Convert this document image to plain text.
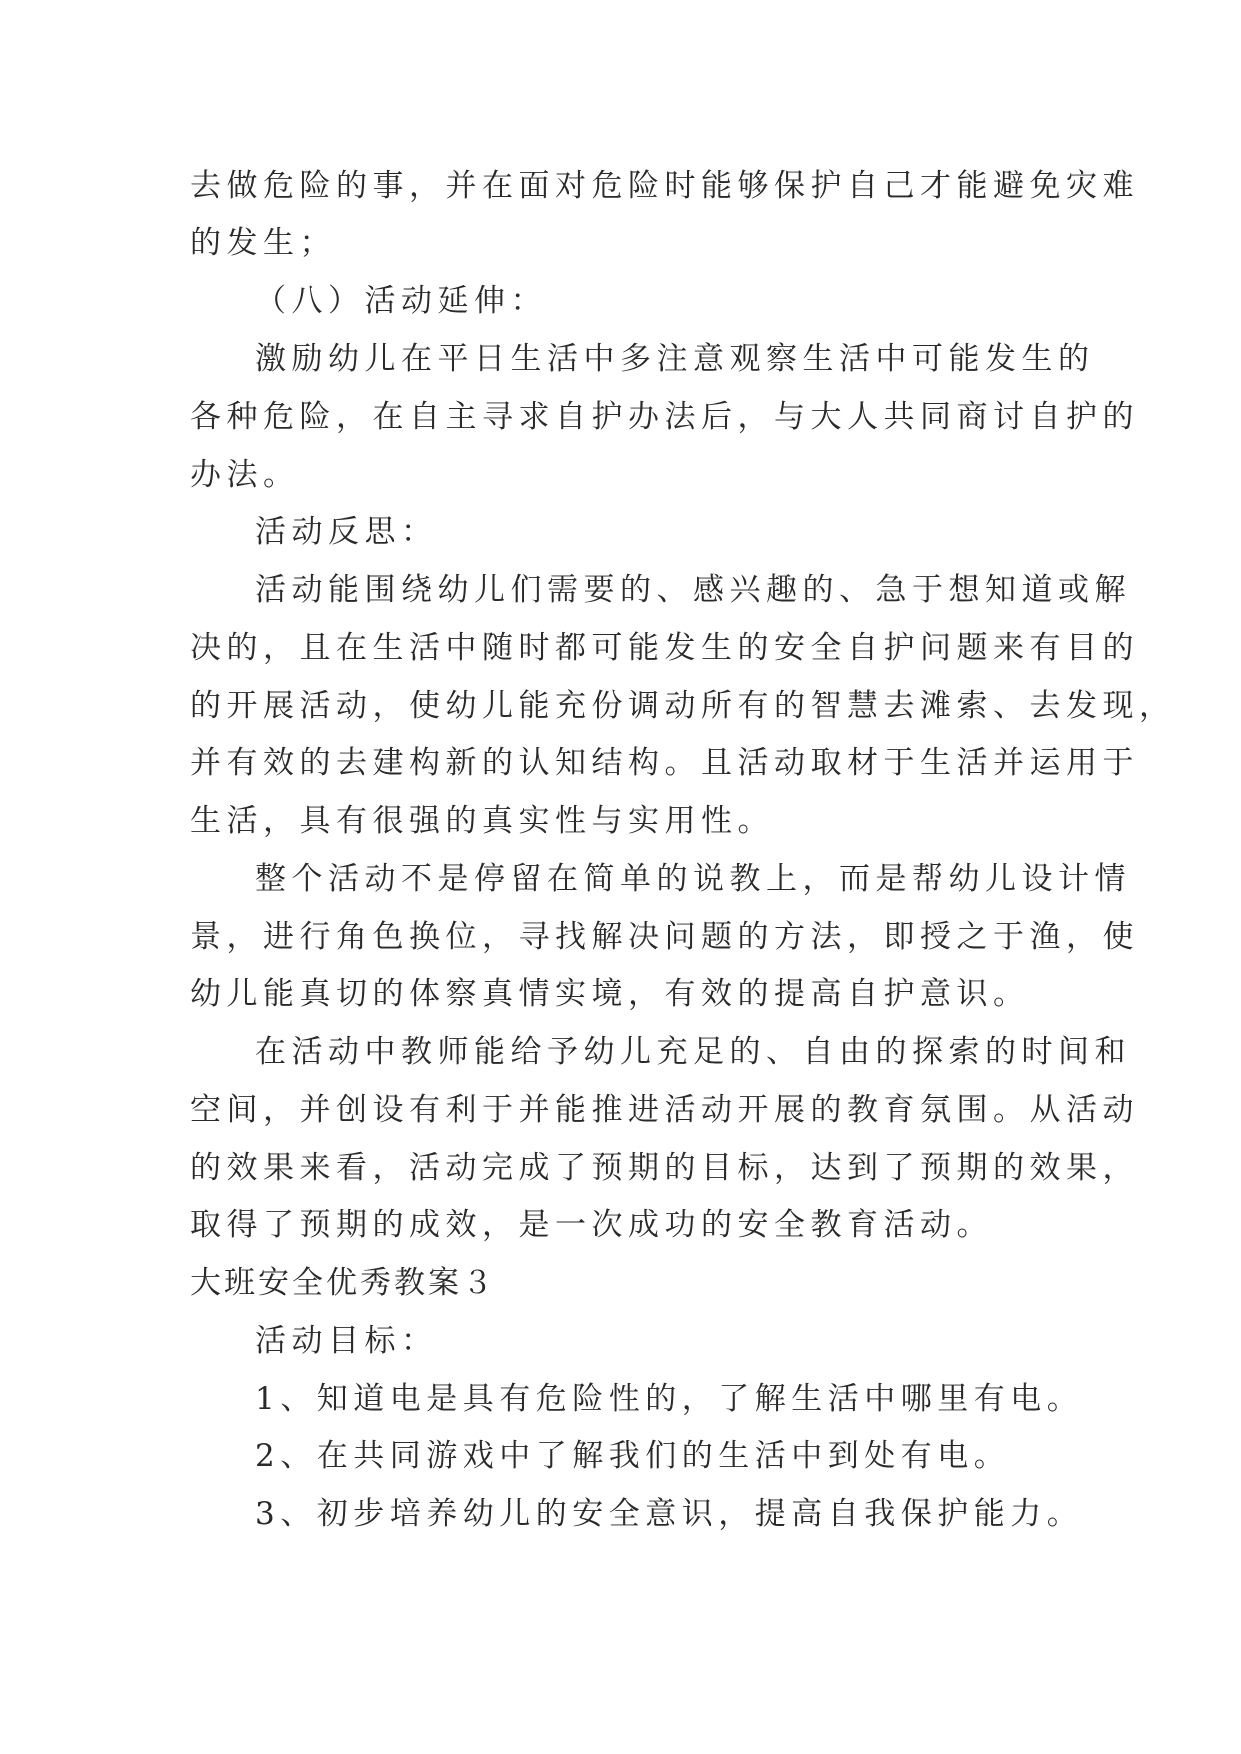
去做危险的事，并在面对危险时能够保护自己才能避免灾难
的发生；
（八）活动延伸：
激励幼儿在平日生活中多注意观察生活中可能发生的
各种危险，在自主寻求自护办法后，与大人共同商讨自护的
办法。
活动反思：
活动能围绕幼儿们需要的、感兴趣的、急于想知道或解
决的，且在生活中随时都可能发生的安全自护问题来有目的
的开展活动，使幼儿能充份调动所有的智慧去滩索、去发现，
并有效的去建构新的认知结构。且活动取材于生活并运用于
生活，具有很强的真实性与实用性。
整个活动不是停留在简单的说教上，而是帮幼儿设计情
景，进行角色换位，寻找解决问题的方法，即授之于渔，使
幼儿能真切的体察真情实境，有效的提高自护意识。
在活动中教师能给予幼儿充足的、自由的探索的时间和
空间，并创设有利于并能推进活动开展的教育氛围。从活动
的效果来看，活动完成了预期的目标，达到了预期的效果，
取得了预期的成效，是一次成功的安全教育活动。
大班安全优秀教案３
活动目标：
1、知道电是具有危险性的，了解生活中哪里有电。
2、在共同游戏中了解我们的生活中到处有电。
3、初步培养幼儿的安全意识，提高自我保护能力。
